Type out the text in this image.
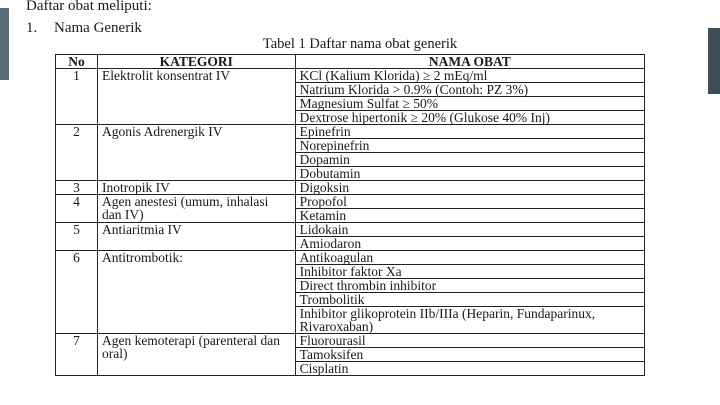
Daftar obat meliputi:
1. Nama Generik
Tabel 1 Daftar nama obat generik
No	KATEGORI	NAMA OBAT
1	Elektrolit konsentrat IV	KCl (Kalium Klorida) ≥ 2 mEq/ml
		Natrium Klorida > 0.9% (Contoh: PZ 3%)
		Magnesium Sulfat ≥ 50%
		Dextrose hipertonik ≥ 20% (Glukose 40% Inj)
2	Agonis Adrenergik IV	Epinefrin
		Norepinefrin
		Dopamin
		Dobutamin
3	Inotropik IV	Digoksin
4	Agen anestesi (umum, inhalasi dan IV)	Propofol
		Ketamin
5	Antiaritmia IV	Lidokain
		Amiodaron
6	Antitrombotik:	Antikoagulan
		Inhibitor faktor Xa
		Direct thrombin inhibitor
		Trombolitik
		Inhibitor glikoprotein IIb/IIIa (Heparin, Fundaparinux, Rivaroxaban)
7	Agen kemoterapi (parenteral dan oral)	Fluorourasil
		Tamoksifen
		Cisplatin
